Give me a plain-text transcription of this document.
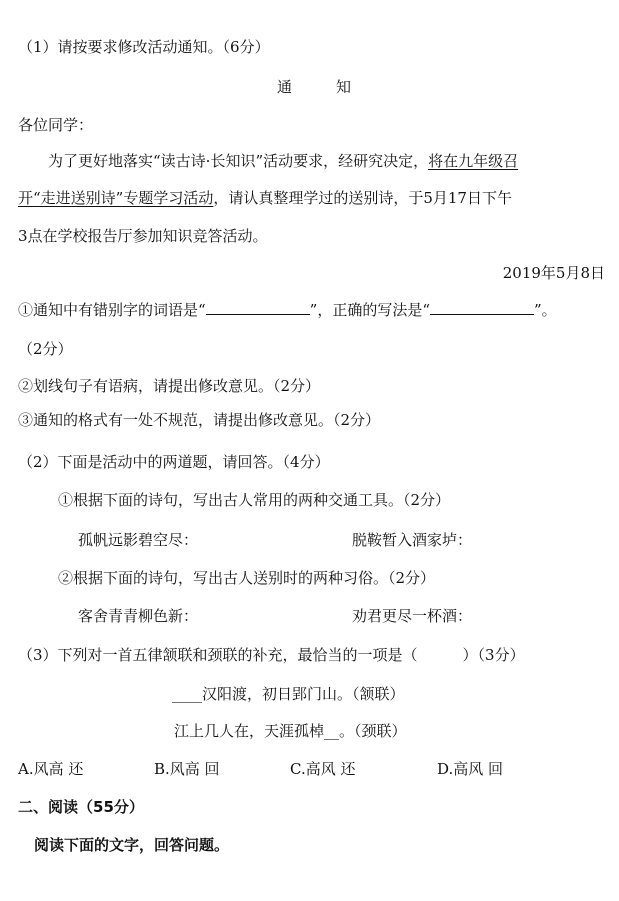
（1）请按要求修改活动通知。（6分）
通	知
各位同学：
为了更好地落实“读古诗·长知识”活动要求，经研究决定，将在九年级召
开“走进送别诗”专题学习活动，请认真整理学过的送别诗，于5月17日下午
3点在学校报告厅参加知识竞答活动。
2019年5月8日
①通知中有错别字的词语是“	”，正确的写法是“	”。
（2分）
②划线句子有语病，请提出修改意见。（2分）
③通知的格式有一处不规范，请提出修改意见。（2分）
（2）下面是活动中的两道题，请回答。（4分）
①根据下面的诗句，写出古人常用的两种交通工具。（2分）
孤帆远影碧空尽：	脱鞍暂入酒家垆：
②根据下面的诗句，写出古人送别时的两种习俗。（2分）
客舍青青柳色新：	劝君更尽一杯酒：
（3）下列对一首五律颔联和颈联的补充，最恰当的一项是（　　　）（3分）
____汉阳渡，初日郢门山。（颔联）
江上几人在，天涯孤棹__。（颈联）
A.风高 还	B.风高 回	C.高风 还	D.高风 回
二、阅读（55分）
阅读下面的文字，回答问题。
